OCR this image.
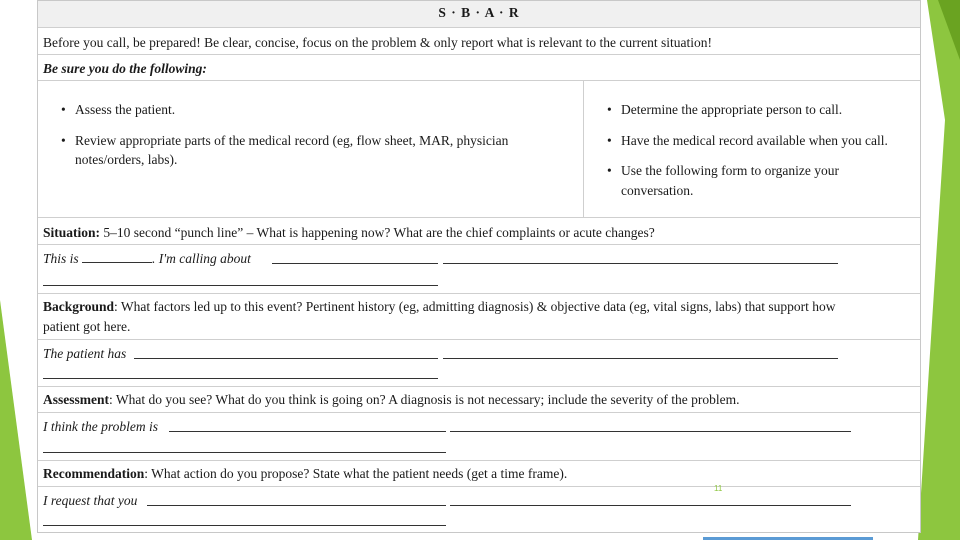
S · B · A · R
Before you call, be prepared! Be clear, concise, focus on the problem & only report what is relevant to the current situation!
Be sure you do the following:
• Assess the patient.
• Review appropriate parts of the medical record (eg, flow sheet, MAR, physician notes/orders, labs).
• Determine the appropriate person to call.
• Have the medical record available when you call.
• Use the following form to organize your conversation.
Situation: 5–10 second “punch line” – What is happening now? What are the chief complaints or acute changes?
This is	. I'm calling about
Background: What factors led up to this event? Pertinent history (eg, admitting diagnosis) & objective data (eg, vital signs, labs) that support how
patient got here.
The patient has
Assessment: What do you see? What do you think is going on? A diagnosis is not necessary; include the severity of the problem.
I think the problem is
Recommendation: What action do you propose? State what the patient needs (get a time frame).
I request that you
11
